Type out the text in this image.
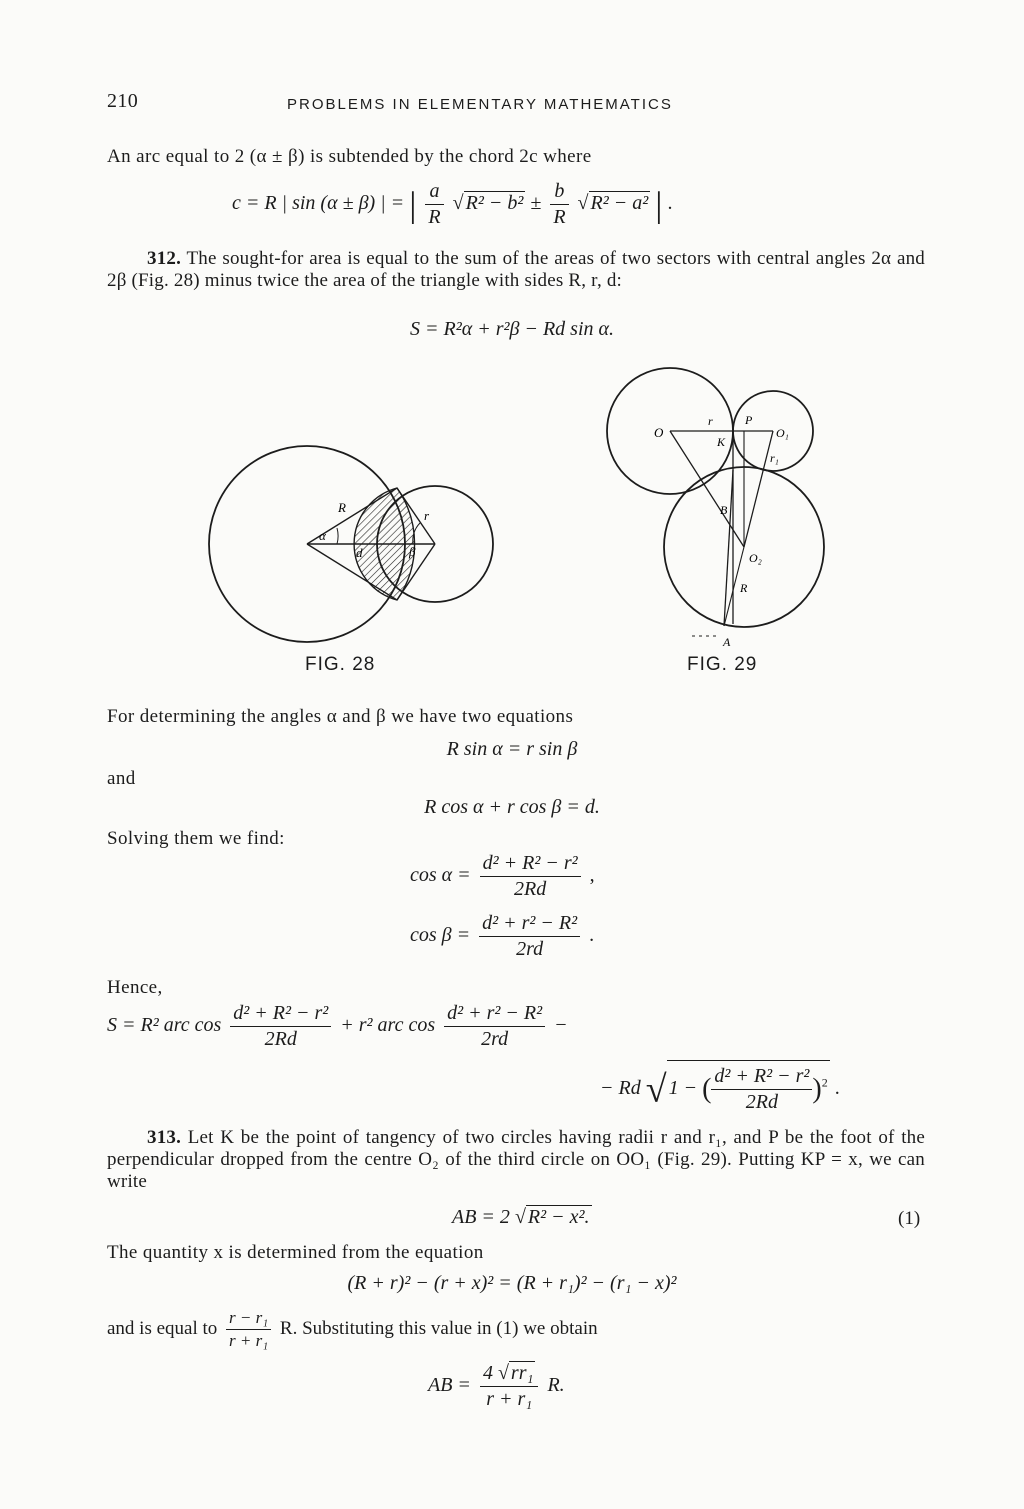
210	PROBLEMS IN ELEMENTARY MATHEMATICS
An arc equal to 2 (α ± β) is subtended by the chord 2c where
c = R | sin (α ± β) | = | $\frac{a}{R}$ √ $R^2 - b^2 \pm \frac{b}{R}$ √ R² − a² | .
312. The sought-for area is equal to the sum of the areas of two sectors with central angles 2α and 2β (Fig. 28) minus twice the area of the triangle with sides R, r, d:
S = R²α + r²β − Rd sin α.
R
r
α
d	β
FIG. 28
O
r	P
O₁
K
r₁
B
O₂
R
A
FIG. 29
For determining the angles α and β we have two equations
R sin α = r sin β
and
R cos α + r cos β = d.
Solving them we find:
$\cos \alpha = \frac{\text{d² + R² − r²}}{2Rd}$ ,
$\cos \beta = \frac{\text{d² + r² − R²}}{2rd}$ .
Hence,
S = R² arc $\cos \frac{\text{d² + R² − r²}}{2Rd} + r^2$ arc $\cos \frac{\text{d² + r² − R²}}{2rd}$ −
− Rd √ 1 − ( $\frac{\text{d² + R² − r²}}{2Rd} )^2$ .
313. Let K be the point of tangency of two circles having radii r and r₁, and P be the foot of the perpendicular dropped from the centre O₂ of the third circle on OO₁ (Fig. 29). Putting KP = x, we can write
AB = 2 √ R² − x².	(1)
The quantity x is determined from the equation
(R + r)² − (r + x)² = (R + r₁)² − (r₁ − x)²
and is equal to $\frac{\text{r − r₁}}{\text{r + r₁}} R$. Substituting this value in (1) we obtain
AB = $\frac{\text{4 √ rr₁}}{\text{r + r₁}} R$.
